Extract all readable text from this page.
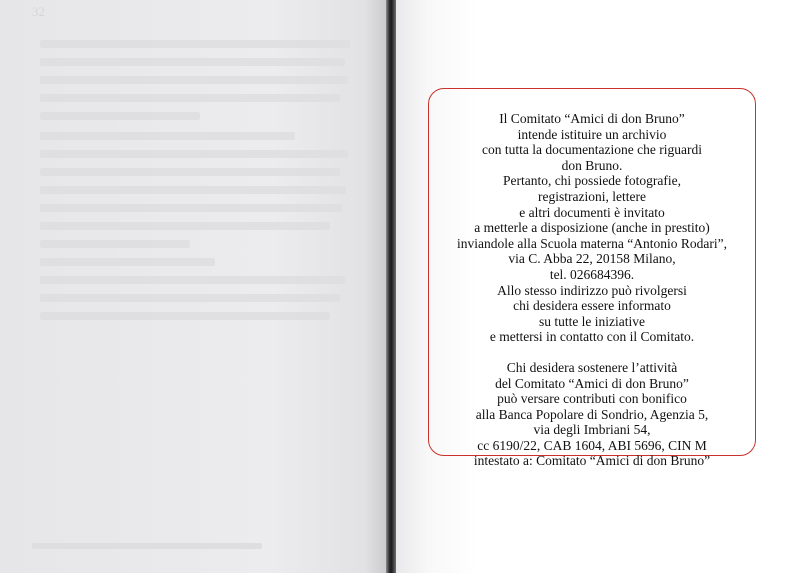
32

Il Comitato “Amici di don Bruno”
intende istituire un archivio
con tutta la documentazione che riguardi
don Bruno.
Pertanto, chi possiede fotografie,
registrazioni, lettere
e altri documenti è invitato
a metterle a disposizione (anche in prestito)
inviandole alla Scuola materna “Antonio Rodari”,
via C. Abba 22, 20158 Milano,
tel. 026684396.
Allo stesso indirizzo può rivolgersi
chi desidera essere informato
su tutte le iniziative
e mettersi in contatto con il Comitato.

Chi desidera sostenere l’attività
del Comitato “Amici di don Bruno”
può versare contributi con bonifico
alla Banca Popolare di Sondrio, Agenzia 5,
via degli Imbriani 54,
cc 6190/22, CAB 1604, ABI 5696, CIN M
intestato a: Comitato “Amici di don Bruno”
